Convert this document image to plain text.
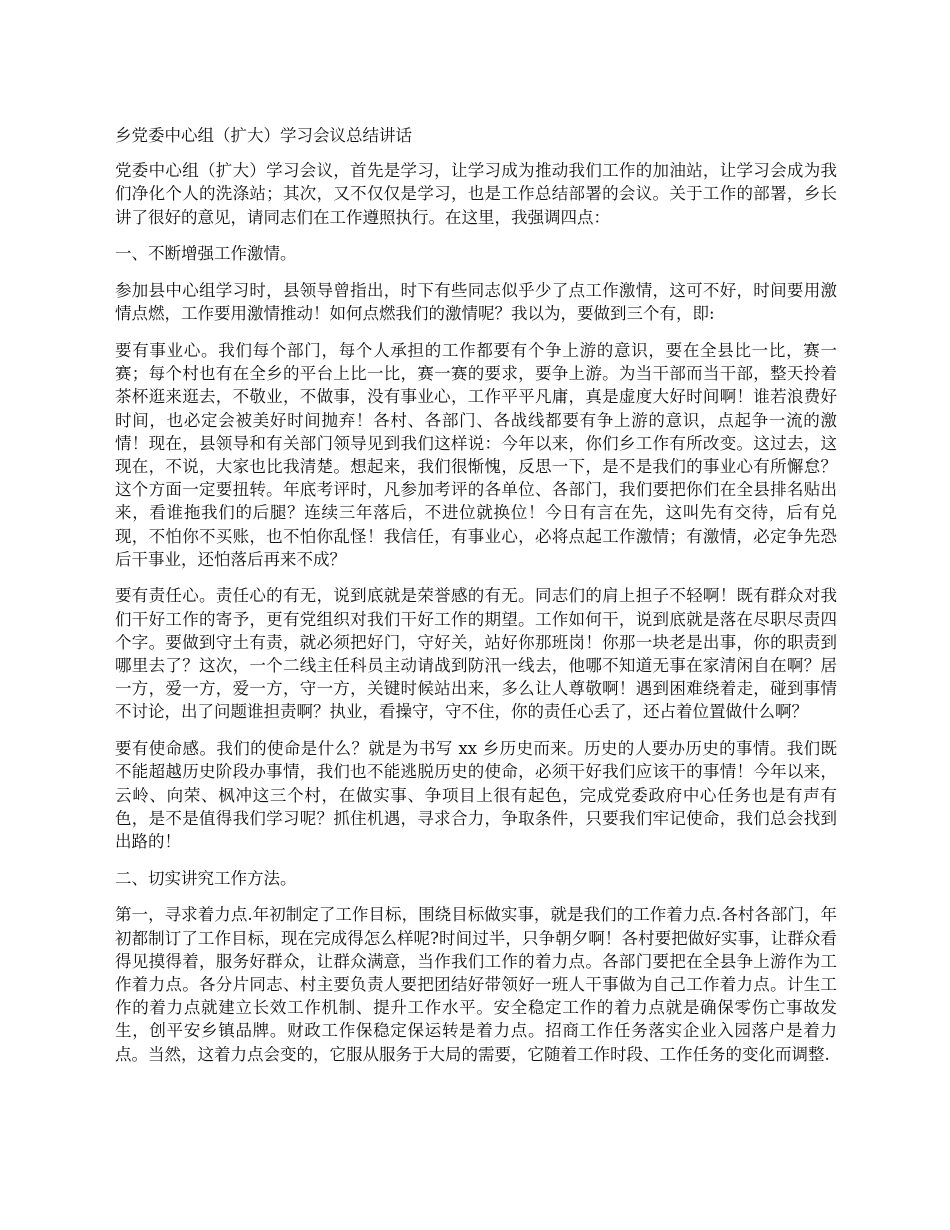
乡党委中心组（扩大）学习会议总结讲话

党委中心组（扩大）学习会议，首先是学习，让学习成为推动我们工作的加油站，让学习会成为我们净化个人的洗涤站；其次，又不仅仅是学习，也是工作总结部署的会议。关于工作的部署，乡长讲了很好的意见，请同志们在工作遵照执行。在这里，我强调四点：

一、不断增强工作激情。

参加县中心组学习时，县领导曾指出，时下有些同志似乎少了点工作激情，这可不好，时间要用激情点燃，工作要用激情推动！如何点燃我们的激情呢？我以为，要做到三个有，即:

要有事业心。我们每个部门，每个人承担的工作都要有个争上游的意识，要在全县比一比，赛一赛；每个村也有在全乡的平台上比一比，赛一赛的要求，要争上游。为当干部而当干部，整天拎着茶杯逛来逛去，不敬业，不做事，没有事业心，工作平平凡庸，真是虚度大好时间啊！谁若浪费好时间，也必定会被美好时间抛弃！各村、各部门、各战线都要有争上游的意识，点起争一流的激情！现在，县领导和有关部门领导见到我们这样说：今年以来，你们乡工作有所改变。这过去，这现在，不说，大家也比我清楚。想起来，我们很惭愧，反思一下，是不是我们的事业心有所懈怠？这个方面一定要扭转。年底考评时，凡参加考评的各单位、各部门，我们要把你们在全县排名贴出来，看谁拖我们的后腿？连续三年落后，不进位就换位！今日有言在先，这叫先有交待，后有兑现，不怕你不买账，也不怕你乱怪！我信任，有事业心，必将点起工作激情；有激情，必定争先恐后干事业，还怕落后再来不成？

要有责任心。责任心的有无，说到底就是荣誉感的有无。同志们的肩上担子不轻啊！既有群众对我们干好工作的寄予，更有党组织对我们干好工作的期望。工作如何干，说到底就是落在尽职尽责四个字。要做到守土有责，就必须把好门，守好关，站好你那班岗！你那一块老是出事，你的职责到哪里去了？这次，一个二线主任科员主动请战到防汛一线去，他哪不知道无事在家清闲自在啊？居一方，爱一方，爱一方，守一方，关键时候站出来，多么让人尊敬啊！遇到困难绕着走，碰到事情不讨论，出了问题谁担责啊？执业，看操守，守不住，你的责任心丢了，还占着位置做什么啊？

要有使命感。我们的使命是什么？就是为书写 xx 乡历史而来。历史的人要办历史的事情。我们既不能超越历史阶段办事情，我们也不能逃脱历史的使命，必须干好我们应该干的事情！今年以来，云岭、向荣、枫冲这三个村，在做实事、争项目上很有起色，完成党委政府中心任务也是有声有色，是不是值得我们学习呢？抓住机遇，寻求合力，争取条件，只要我们牢记使命，我们总会找到出路的！

二、切实讲究工作方法。

第一，寻求着力点.年初制定了工作目标，围绕目标做实事，就是我们的工作着力点.各村各部门，年初都制订了工作目标，现在完成得怎么样呢?时间过半，只争朝夕啊！各村要把做好实事，让群众看得见摸得着，服务好群众，让群众满意，当作我们工作的着力点。各部门要把在全县争上游作为工作着力点。各分片同志、村主要负责人要把团结好带领好一班人干事做为自己工作着力点。计生工作的着力点就建立长效工作机制、提升工作水平。安全稳定工作的着力点就是确保零伤亡事故发生，创平安乡镇品牌。财政工作保稳定保运转是着力点。招商工作任务落实企业入园落户是着力点。当然，这着力点会变的，它服从服务于大局的需要，它随着工作时段、工作任务的变化而调整.
